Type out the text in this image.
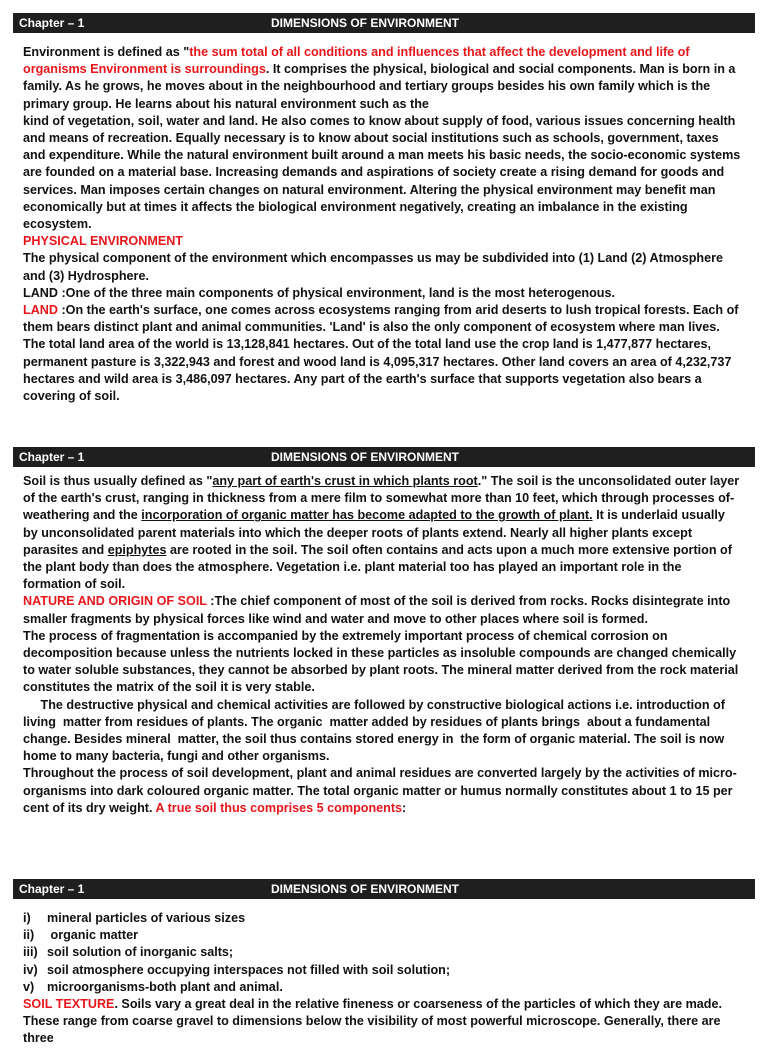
Chapter – 1	DIMENSIONS OF ENVIRONMENT

Environment is defined as "the sum total of all conditions and influences that affect the development and life of organisms Environment is surroundings. It comprises the physical, biological and social components. Man is born in a family. As he grows, he moves about in the neighbourhood and tertiary groups besides his own family which is the primary group. He learns about his natural environment such as the

kind of vegetation, soil, water and land. He also comes to know about supply of food, various issues concerning health and means of recreation. Equally necessary is to know about social institutions such as schools, government, taxes and expenditure. While the natural environment built around a man meets his basic needs, the socio-economic systems are founded on a material base. Increasing demands and aspirations of society create a rising demand for goods and services. Man imposes certain changes on natural environment. Altering the physical environment may benefit man economically but at times it affects the biological environment negatively, creating an imbalance in the existing ecosystem.

PHYSICAL ENVIRONMENT

The physical component of the environment which encompasses us may be subdivided into (1) Land (2) Atmosphere and (3) Hydrosphere.

LAND :One of the three main components of physical environment, land is the most heterogenous.

LAND :On the earth's surface, one comes across ecosystems ranging from arid deserts to lush tropical forests. Each of them bears distinct plant and animal communities. 'Land' is also the only component of ecosystem where man lives. The total land area of the world is 13,128,841 hectares. Out of the total land use the crop land is 1,477,877 hectares, permanent pasture is 3,322,943 and forest and wood land is 4,095,317 hectares. Other land covers an area of 4,232,737 hectares and wild area is 3,486,097 hectares. Any part of the earth's surface that supports vegetation also bears a covering of soil.

Chapter – 1	DIMENSIONS OF ENVIRONMENT

Soil is thus usually defined as "any part of earth's crust in which plants root." The soil is the unconsolidated outer layer of the earth's crust, ranging in thickness from a mere film to somewhat more than 10 feet, which through processes of-weathering and the incorporation of organic matter has become adapted to the growth of plant. It is underlaid usually by unconsolidated parent materials into which the deeper roots of plants extend. Nearly all higher plants except parasites and epiphytes are rooted in the soil. The soil often contains and acts upon a much more extensive portion of the plant body than does the atmosphere. Vegetation i.e. plant material too has played an important role in the formation of soil.

NATURE AND ORIGIN OF SOIL :The chief component of most of the soil is derived from rocks. Rocks disintegrate into smaller fragments by physical forces like wind and water and move to other places where soil is formed.

The process of fragmentation is accompanied by the extremely important process of chemical corrosion on decomposition because unless the nutrients locked in these particles as insoluble compounds are changed chemically to water soluble substances, they cannot be absorbed by plant roots. The mineral matter derived from the rock material constitutes the matrix of the soil it is very stable.

The destructive physical and chemical activities are followed by constructive biological actions i.e. introduction of living  matter from residues of plants. The organic  matter added by residues of plants brings  about a fundamental change. Besides mineral  matter, the soil thus contains stored energy in  the form of organic material. The soil is now home to many bacteria, fungi and other organisms.

Throughout the process of soil development, plant and animal residues are converted largely by the activities of micro-organisms into dark coloured organic matter. The total organic matter or humus normally constitutes about 1 to 15 per cent of its dry weight. A true soil thus comprises 5 components:

Chapter – 1	DIMENSIONS OF ENVIRONMENT
i) mineral particles of various sizes
ii) organic matter
iii) soil solution of inorganic salts;
iv) soil atmosphere occupying interspaces not filled with soil solution;
v) microorganisms-both plant and animal.

SOIL TEXTURE. Soils vary a great deal in the relative fineness or coarseness of the particles of which they are made. These range from coarse gravel to dimensions below the visibility of most powerful microscope. Generally, there are three
